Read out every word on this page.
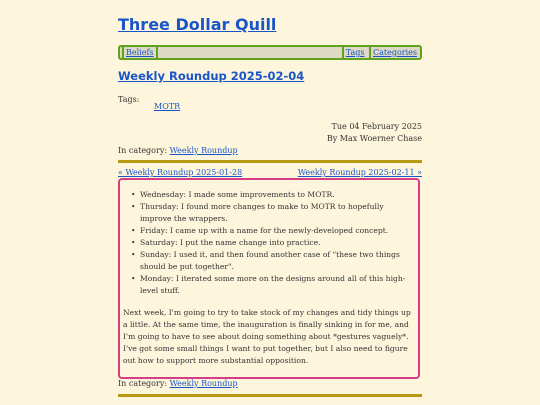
Three Dollar Quill
Beliefs	Tags Categories
Weekly Roundup 2025-02-04
Tags:
MOTR
Tue 04 February 2025
By Max Woerner Chase
In category: Weekly Roundup
« Weekly Roundup 2025-01-28	Weekly Roundup 2025-02-11 »
• Wednesday: I made some improvements to MOTR.
• Thursday: I found more changes to make to MOTR to hopefully improve the wrappers.
• Friday: I came up with a name for the newly-developed concept.
• Saturday: I put the name change into practice.
• Sunday: I used it, and then found another case of "these two things should be put together".
• Monday: I iterated some more on the designs around all of this high-level stuff.

Next week, I'm going to try to take stock of my changes and tidy things up a little. At the same time, the inauguration is finally sinking in for me, and I'm going to have to see about doing something about *gestures vaguely*. I've got some small things I want to put together, but I also need to figure out how to support more substantial opposition.

In category: Weekly Roundup
